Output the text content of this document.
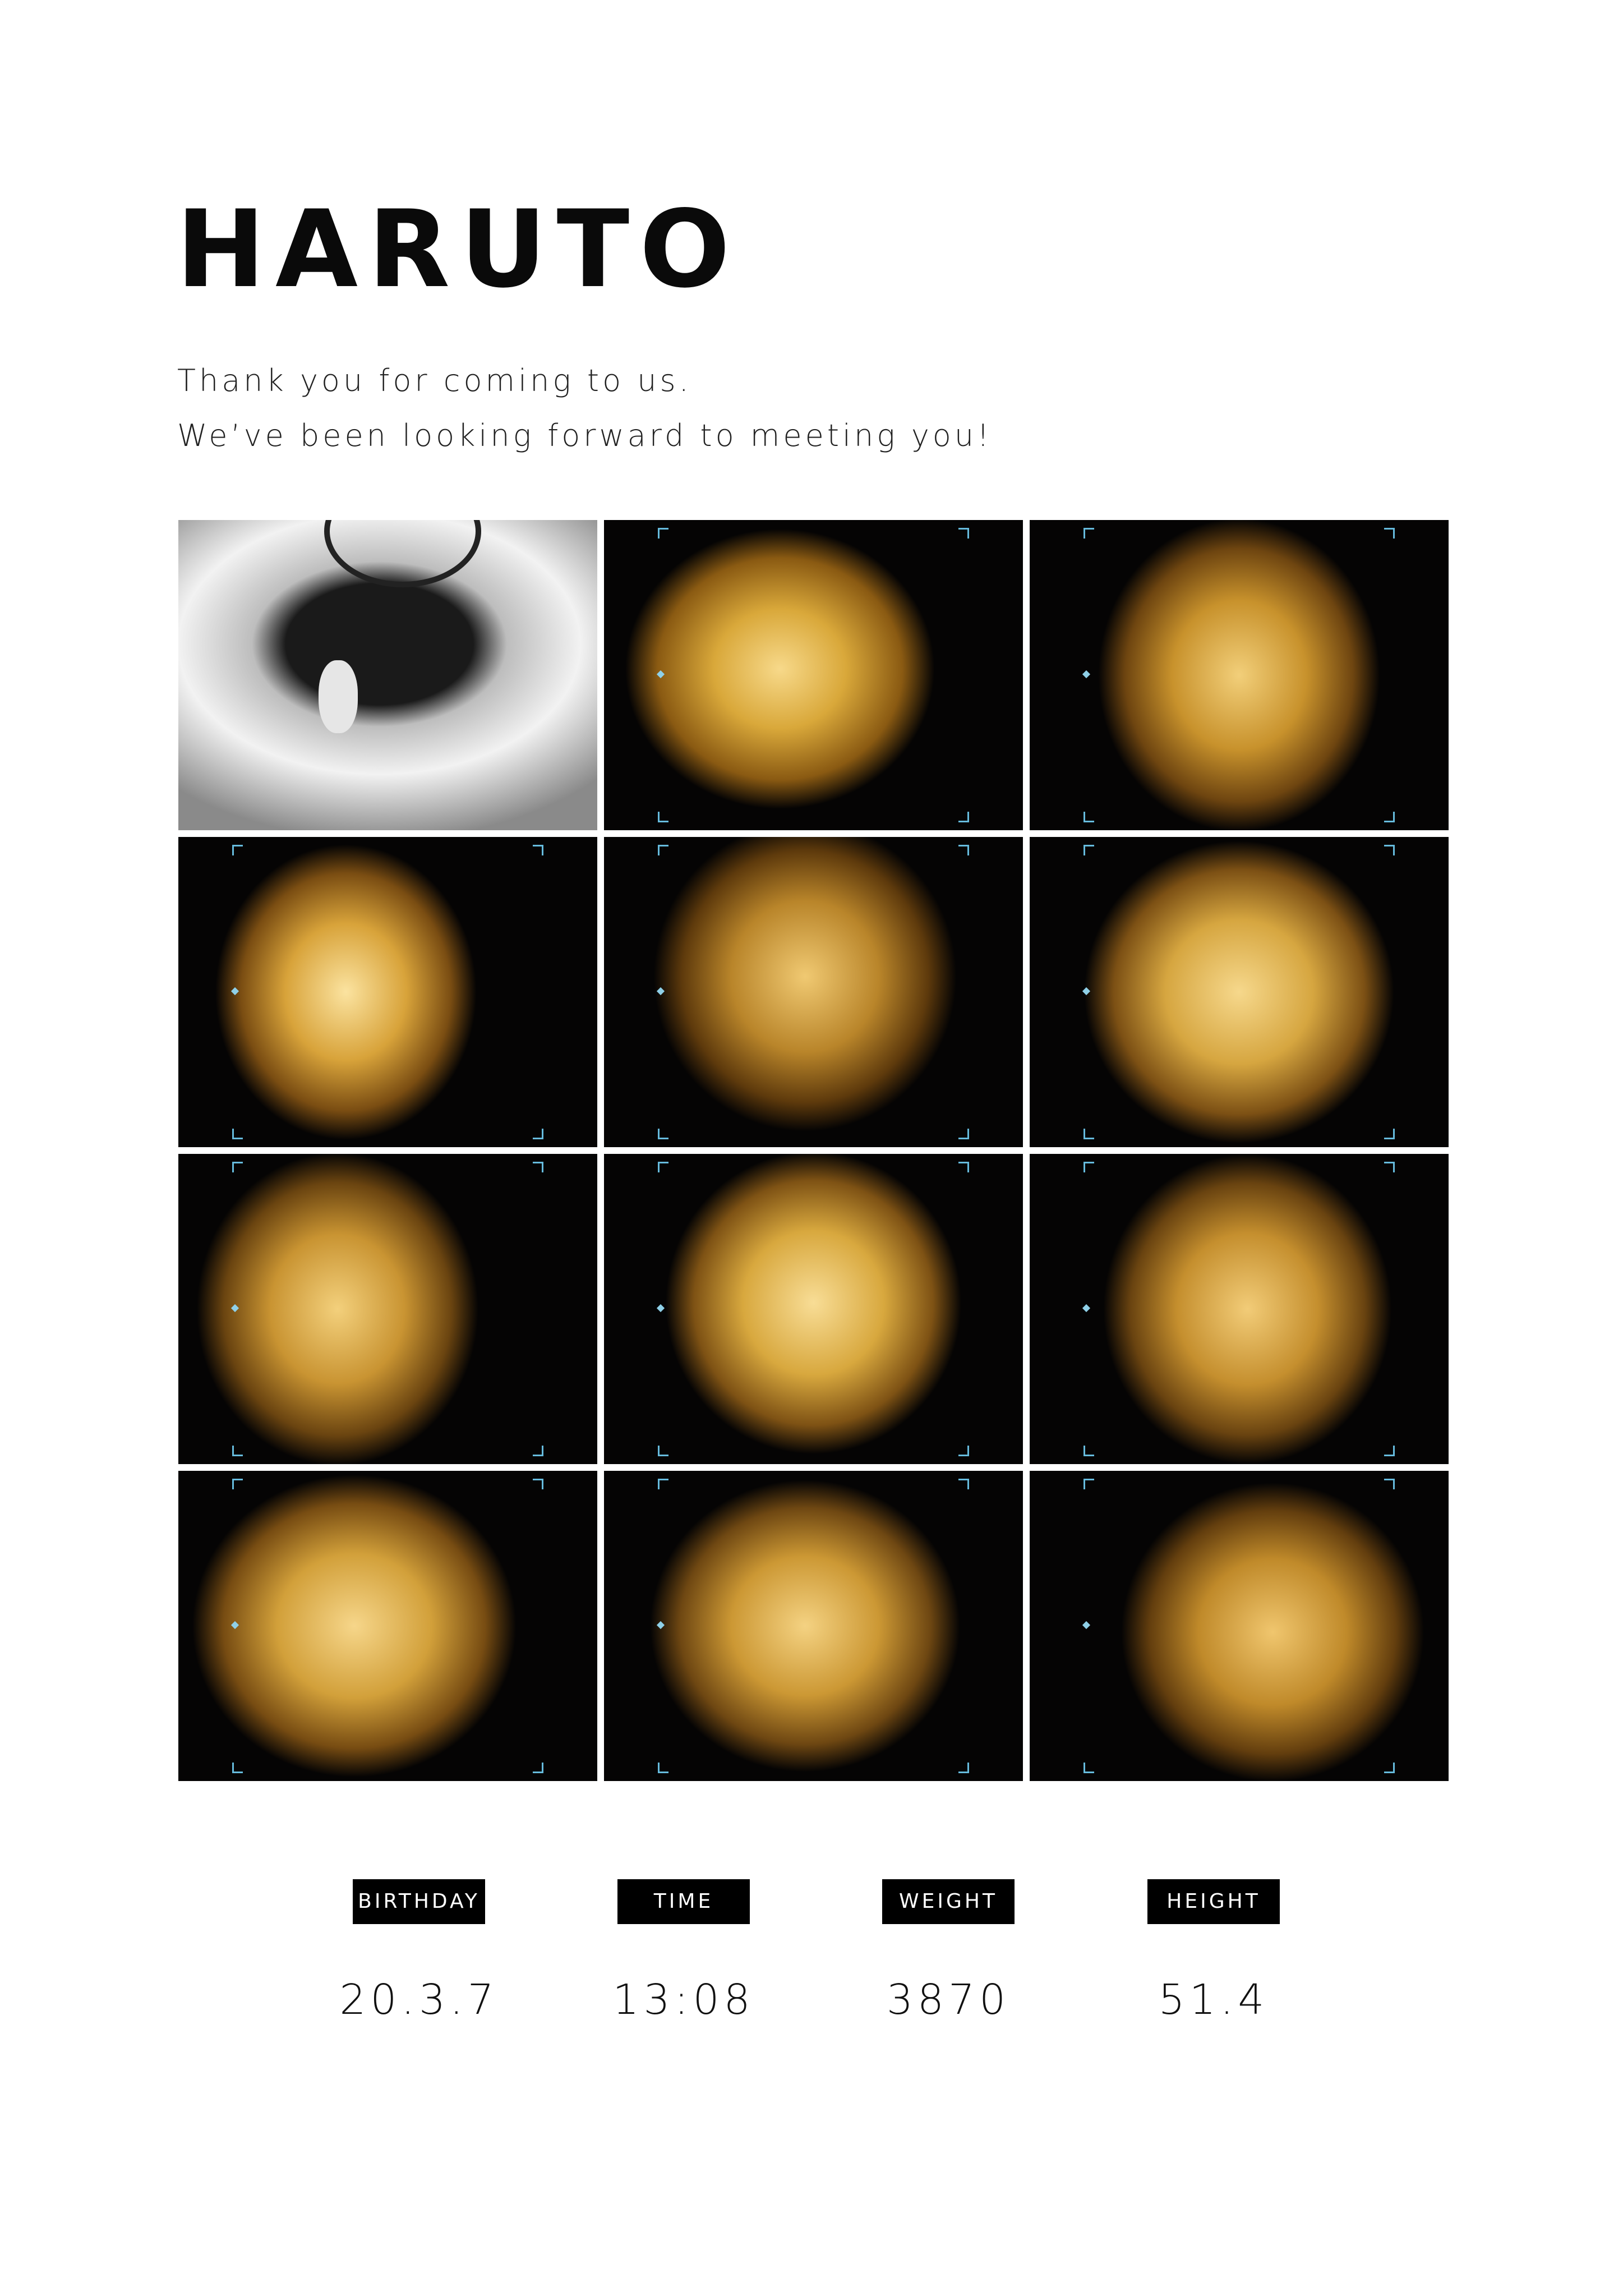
HARUTO

Thank you for coming to us.

We’ve been looking forward to meeting you!

BIRTHDAY
20.3.7
TIME
13:08
WEIGHT
3870
HEIGHT
51.4
